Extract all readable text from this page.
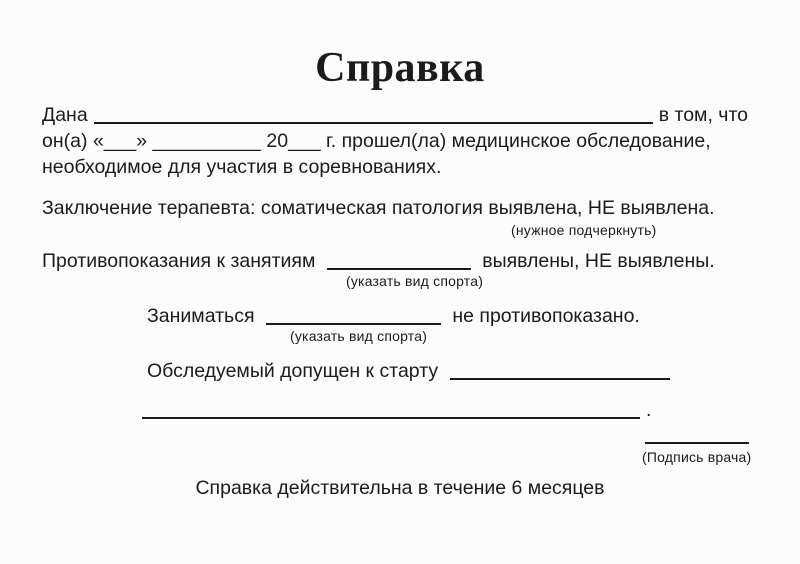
Справка
Дана	в том, что
он(а) «___» __________ 20___ г. прошел(ла) медицинское обследование,
необходимое для участия в соревнованиях.
Заключение терапевта: соматическая патология выявлена, НЕ выявлена.
(нужное подчеркнуть)
Противопоказания к занятиям	выявлены, НЕ выявлены.
(указать вид спорта)
Заниматься	не противопоказано.
(указать вид спорта)
Обследуемый допущен к старту
.
(Подпись врача)
Справка действительна в течение 6 месяцев
